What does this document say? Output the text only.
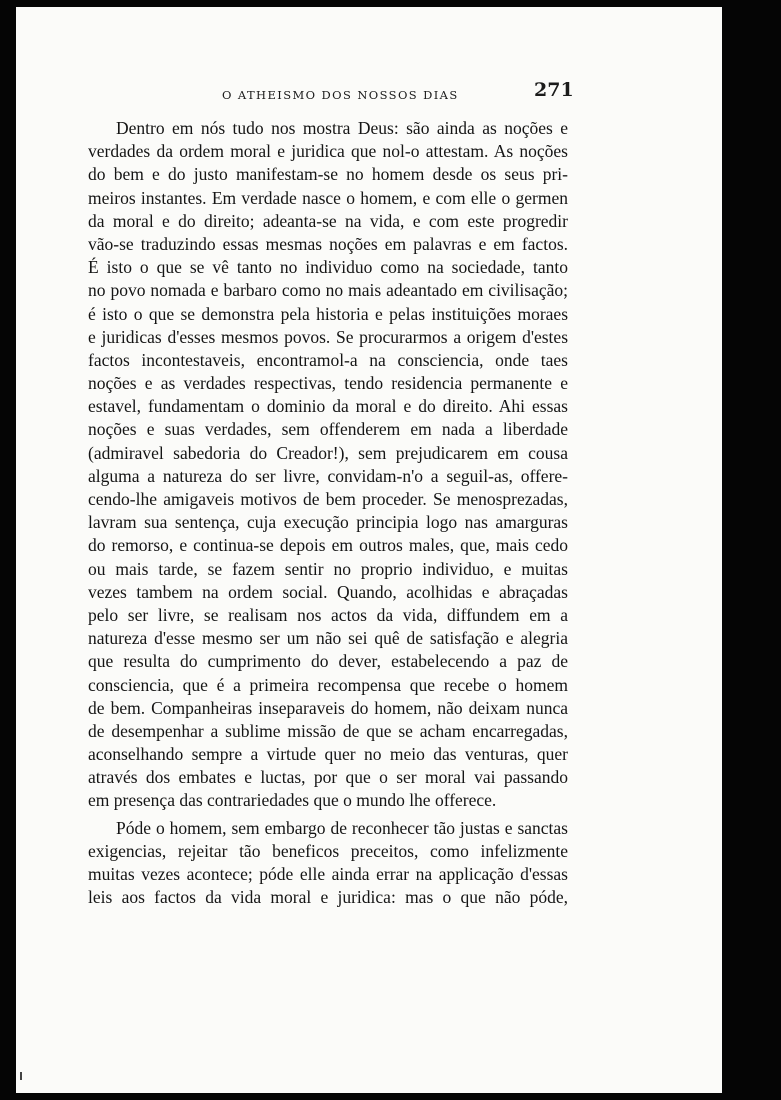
O ATHEISMO DOS NOSSOS DIAS	271
Dentro em nós tudo nos mostra Deus: são ainda as noções e
verdades da ordem moral e juridica que nol-o attestam. As noções
do bem e do justo manifestam-se no homem desde os seus pri-
meiros instantes. Em verdade nasce o homem, e com elle o germen
da moral e do direito; adeanta-se na vida, e com este progredir
vão-se traduzindo essas mesmas noções em palavras e em factos.
É isto o que se vê tanto no individuo como na sociedade, tanto
no povo nomada e barbaro como no mais adeantado em civilisação;
é isto o que se demonstra pela historia e pelas instituições moraes
e juridicas d'esses mesmos povos. Se procurarmos a origem d'estes
factos incontestaveis, encontramol-a na consciencia, onde taes
noções e as verdades respectivas, tendo residencia permanente e
estavel, fundamentam o dominio da moral e do direito. Ahi essas
noções e suas verdades, sem offenderem em nada a liberdade
(admiravel sabedoria do Creador!), sem prejudicarem em cousa
alguma a natureza do ser livre, convidam-n'o a seguil-as, offere-
cendo-lhe amigaveis motivos de bem proceder. Se menosprezadas,
lavram sua sentença, cuja execução principia logo nas amarguras
do remorso, e continua-se depois em outros males, que, mais cedo
ou mais tarde, se fazem sentir no proprio individuo, e muitas
vezes tambem na ordem social. Quando, acolhidas e abraçadas
pelo ser livre, se realisam nos actos da vida, diffundem em a
natureza d'esse mesmo ser um não sei quê de satisfação e alegria
que resulta do cumprimento do dever, estabelecendo a paz de
consciencia, que é a primeira recompensa que recebe o homem
de bem. Companheiras inseparaveis do homem, não deixam nunca
de desempenhar a sublime missão de que se acham encarregadas,
aconselhando sempre a virtude quer no meio das venturas, quer
através dos embates e luctas, por que o ser moral vai passando
em presença das contrariedades que o mundo lhe offerece.
Póde o homem, sem embargo de reconhecer tão justas e sanctas
exigencias, rejeitar tão beneficos preceitos, como infelizmente
muitas vezes acontece; póde elle ainda errar na applicação d'essas
leis aos factos da vida moral e juridica: mas o que não póde,
